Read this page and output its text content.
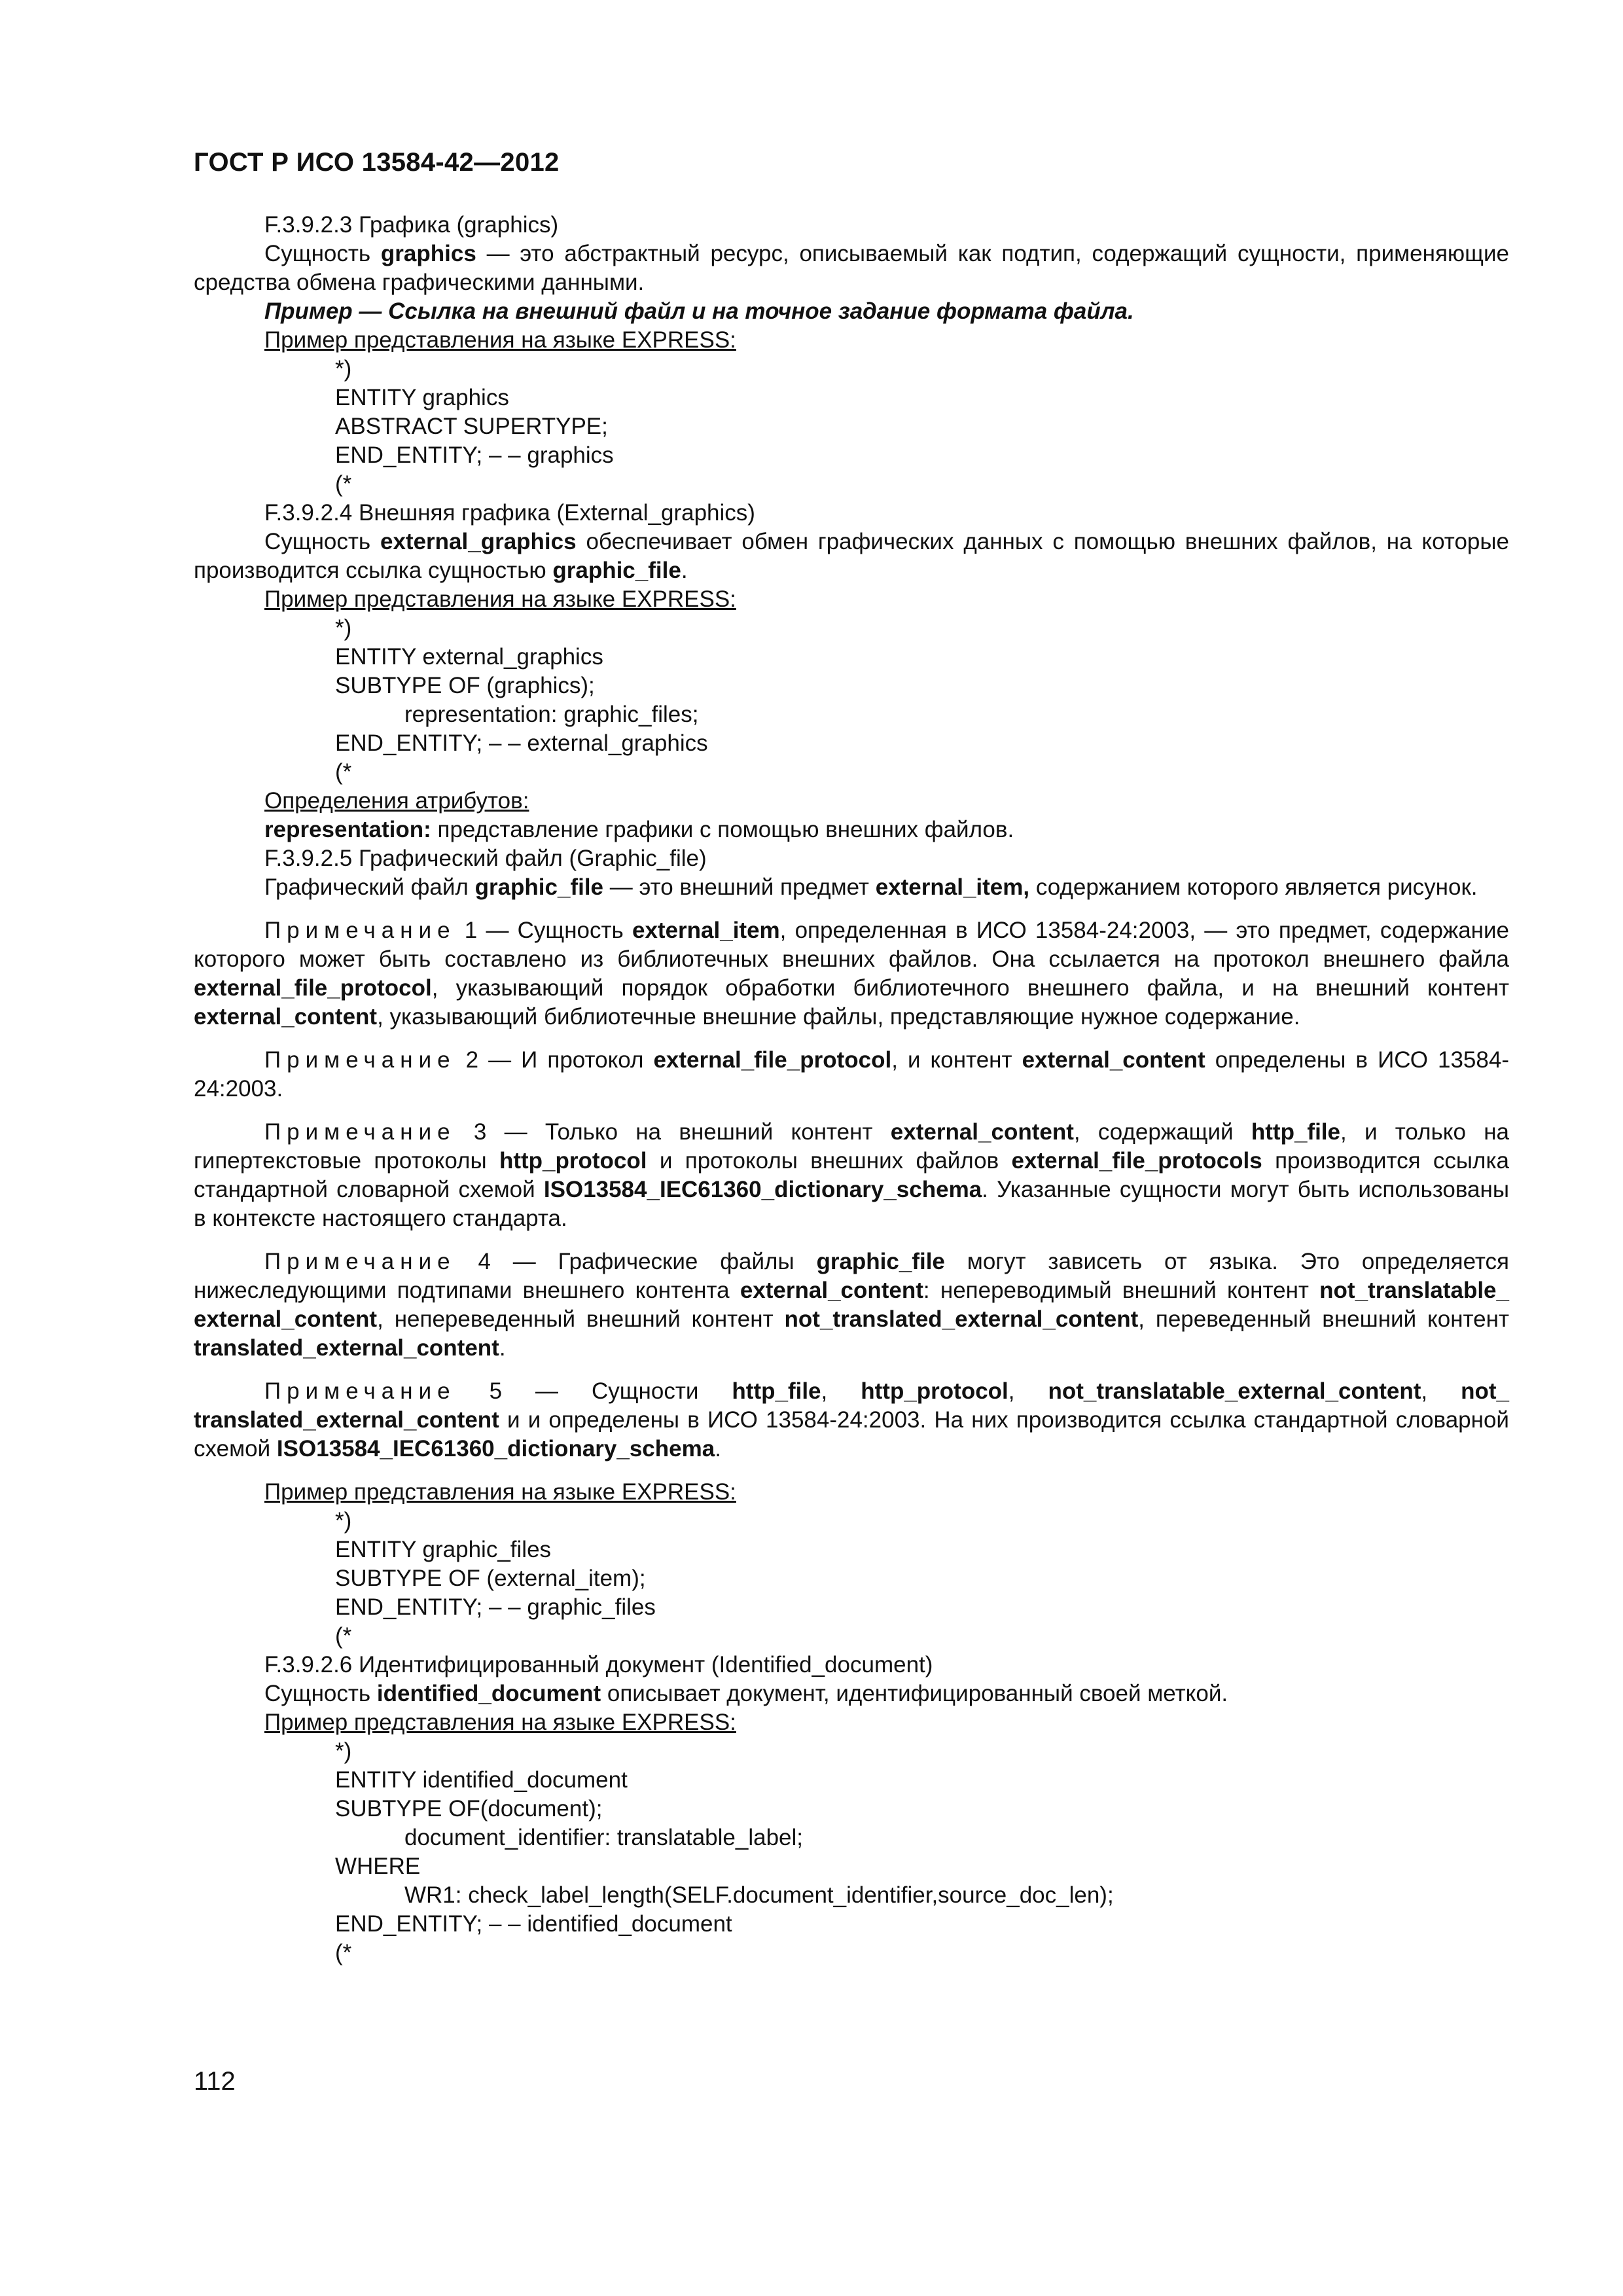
ГОСТ Р ИСО 13584-42—2012

F.3.9.2.3 Графика (graphics)

Сущность graphics — это абстрактный ресурс, описываемый как подтип, содержащий сущности, применяющие средства обмена графическими данными.

Пример — Ссылка на внешний файл и на точное задание формата файла.

Пример представления на языке EXPRESS:

*)

ENTITY graphics

ABSTRACT SUPERTYPE;

END_ENTITY; – – graphics

(*

F.3.9.2.4 Внешняя графика (External_graphics)

Сущность external_graphics обеспечивает обмен графических данных с помощью внешних файлов, на которые производится ссылка сущностью graphic_file.

Пример представления на языке EXPRESS:

*)

ENTITY external_graphics

SUBTYPE OF (graphics);

representation: graphic_files;

END_ENTITY; – – external_graphics

(*

Определения атрибутов:

representation: представление графики с помощью внешних файлов.

F.3.9.2.5 Графический файл (Graphic_file)

Графический файл graphic_file — это внешний предмет external_item, содержанием которого является рисунок.

Примечание 1 — Сущность external_item, определенная в ИСО 13584-24:2003, — это предмет, содержание которого может быть составлено из библиотечных внешних файлов. Она ссылается на протокол внешнего файла external_file_protocol, указывающий порядок обработки библиотечного внешнего файла, и на внешний контент external_content, указывающий библиотечные внешние файлы, представляющие нужное содержание.

Примечание 2 — И протокол external_file_protocol, и контент external_content определены в ИСО 13584-24:2003.

Примечание 3 — Только на внешний контент external_content, содержащий http_file, и только на гипертекстовые протоколы http_protocol и протоколы внешних файлов external_file_protocols производится ссылка стандартной словарной схемой ISO13584_IEC61360_dictionary_schema. Указанные сущности могут быть использованы в контексте настоящего стандарта.

Примечание 4 — Графические файлы graphic_file могут зависеть от языка. Это определяется нижеследующими подтипами внешнего контента external_content: непереводимый внешний контент not_translatable_ external_content, непереведенный внешний контент not_translated_external_content, переведенный внешний контент translated_external_content.

Примечание 5 — Сущности http_file, http_protocol, not_translatable_external_content, not_ translated_external_content и и определены в ИСО 13584-24:2003. На них производится ссылка стандартной словарной схемой ISO13584_IEC61360_dictionary_schema.

Пример представления на языке EXPRESS:

*)

ENTITY graphic_files

SUBTYPE OF (external_item);

END_ENTITY; – – graphic_files

(*

F.3.9.2.6 Идентифицированный документ (Identified_document)

Сущность identified_document описывает документ, идентифицированный своей меткой.

Пример представления на языке EXPRESS:

*)

ENTITY identified_document

SUBTYPE OF(document);

document_identifier: translatable_label;

WHERE

WR1: check_label_length(SELF.document_identifier,source_doc_len);

END_ENTITY; – – identified_document

(*

112
